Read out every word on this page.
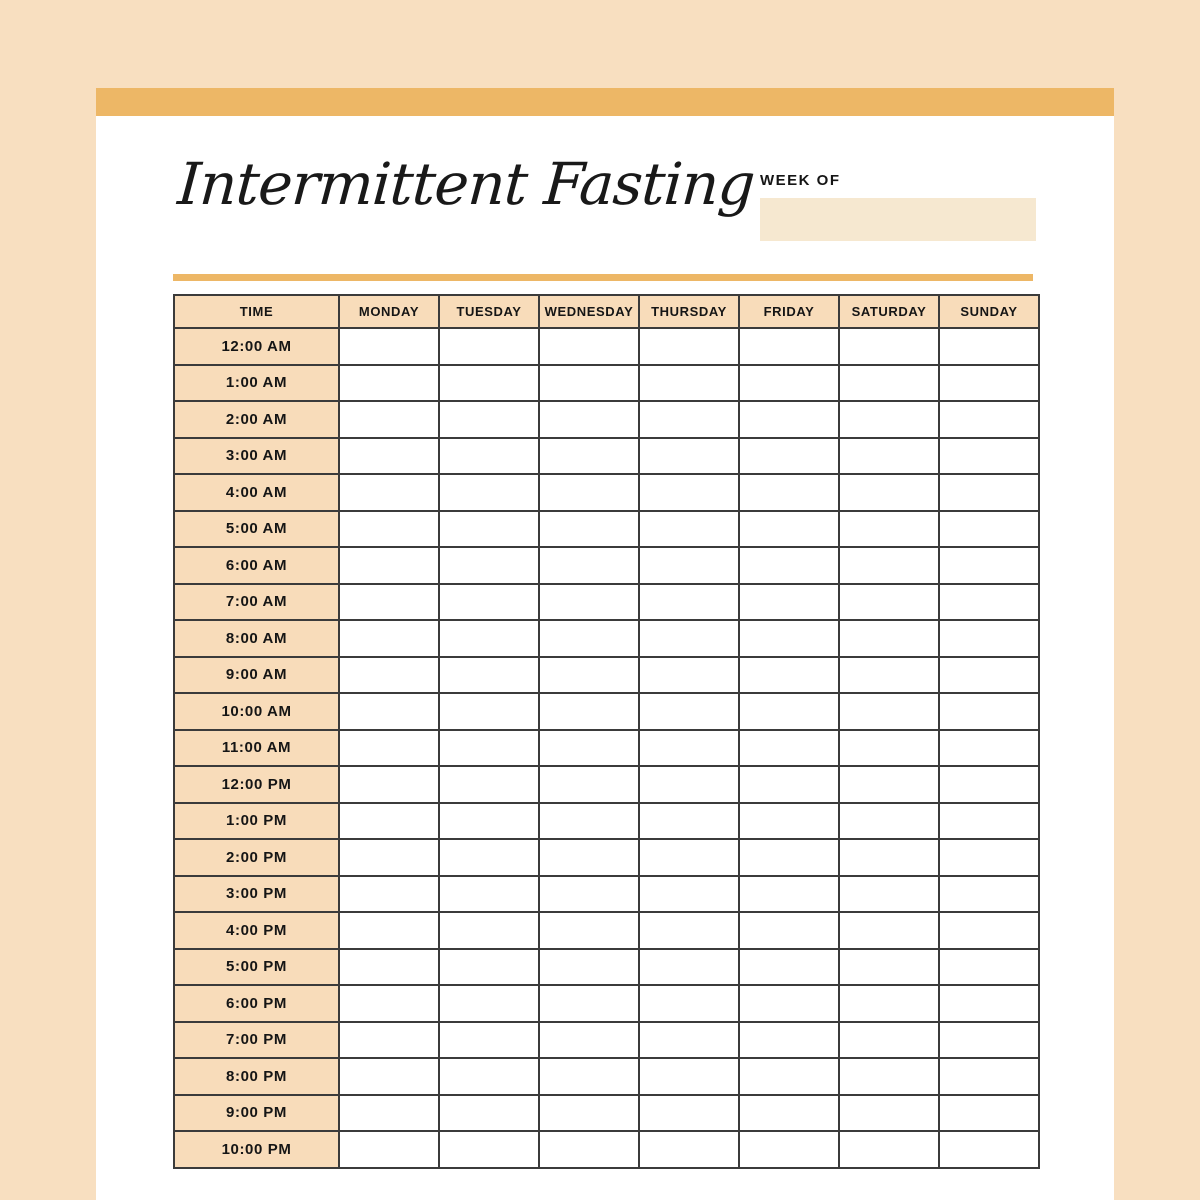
Intermittent Fasting WEEK OF
TIME	MONDAY	TUESDAY	WEDNESDAY	THURSDAY	FRIDAY	SATURDAY	SUNDAY
12:00 AM							
1:00 AM							
2:00 AM							
3:00 AM							
4:00 AM							
5:00 AM							
6:00 AM							
7:00 AM							
8:00 AM							
9:00 AM							
10:00 AM							
11:00 AM							
12:00 PM							
1:00 PM							
2:00 PM							
3:00 PM							
4:00 PM							
5:00 PM							
6:00 PM							
7:00 PM							
8:00 PM							
9:00 PM							
10:00 PM							
